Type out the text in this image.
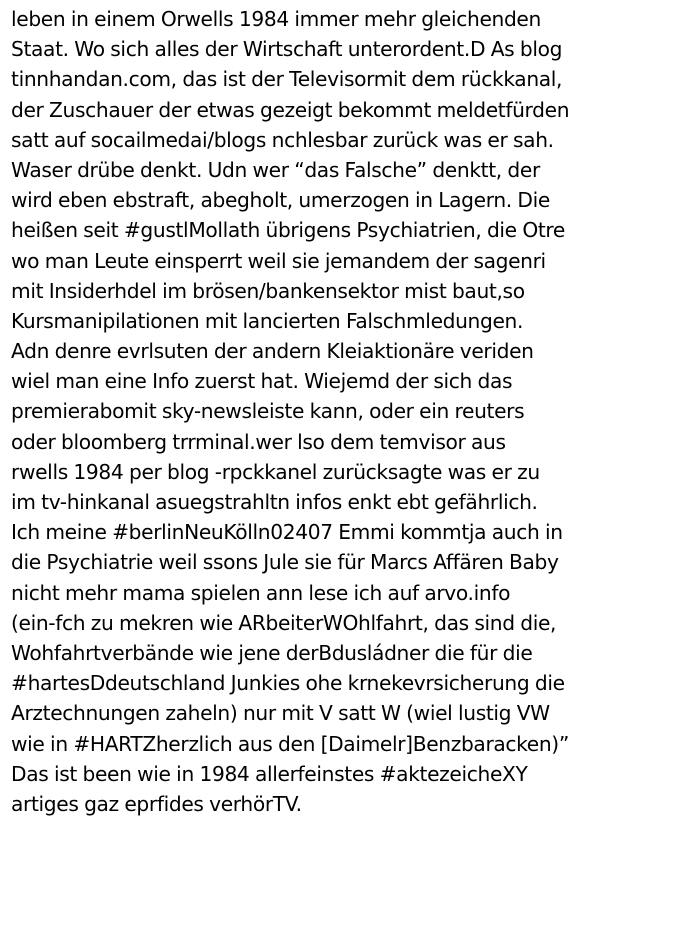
leben in einem Orwells 1984 immer mehr gleichenden
Staat. Wo sich alles der Wirtschaft unterordent.D As blog
tinnhandan.com, das ist der Televisormit dem rückkanal,
der Zuschauer der etwas gezeigt bekommt meldetfürden
satt auf socailmedai/blogs nchlesbar zurück was er sah.
Waser drübe denkt. Udn wer “das Falsche” denktt, der
wird eben ebstraft, abegholt, umerzogen in Lagern. Die
heißen seit #gustlMollath übrigens Psychiatrien, die Otre
wo man Leute einsperrt weil sie jemandem der sagenri
mit Insiderhdel im brösen/bankensektor mist baut,so
Kursmanipilationen mit lancierten Falschmledungen.
Adn denre evrlsuten der andern Kleiaktionäre veriden
wiel man eine Info zuerst hat. Wiejemd der sich das
premierabomit sky-newsleiste kann, oder ein reuters
oder bloomberg trrminal.wer lso dem temvisor aus
rwells 1984 per blog -rpckkanel zurücksagte was er zu
im tv-hinkanal asuegstrahltn infos enkt ebt gefährlich.
Ich meine #berlinNeuKölln02407 Emmi kommtja auch in
die Psychiatrie weil ssons Jule sie für Marcs Affären Baby
nicht mehr mama spielen ann lese ich auf arvo.info
(ein-fch zu mekren wie ARbeiterWOhlfahrt, das sind die,
Wohfahrtverbände wie jene derBdusládner die für die
#hartesDdeutschland Junkies ohe krnekevrsicherung die
Arztechnungen zaheln) nur mit V satt W (wiel lustig VW
wie in #HARTZherzlich aus den [Daimelr]Benzbaracken)”
Das ist been wie in 1984 allerfeinstes #aktezeicheXY
artiges gaz eprfides verhörTV.
